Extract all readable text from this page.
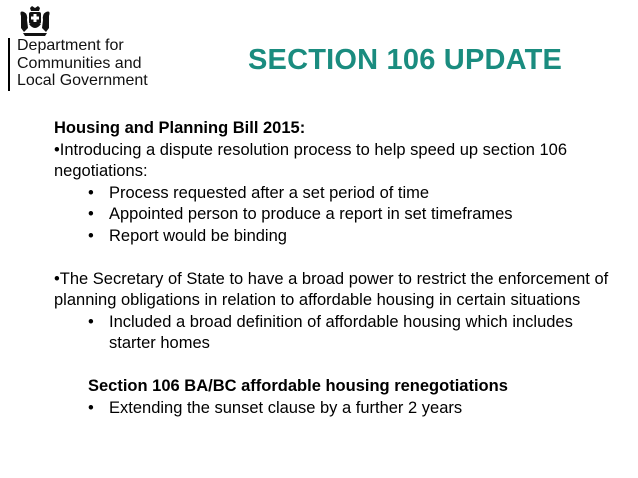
Department for
Communities and
Local Government
SECTION 106 UPDATE
Housing and Planning Bill 2015:

•Introducing a dispute resolution process to help speed up section 106 negotiations:

• Process requested after a set period of time
• Appointed person to produce a report in set timeframes
• Report would be binding

•The Secretary of State to have a broad power to restrict the enforcement of planning obligations in relation to affordable housing in certain situations

• Included a broad definition of affordable housing which includes starter homes
Section 106 BA/BC affordable housing renegotiations
• Extending the sunset clause by a further 2 years
